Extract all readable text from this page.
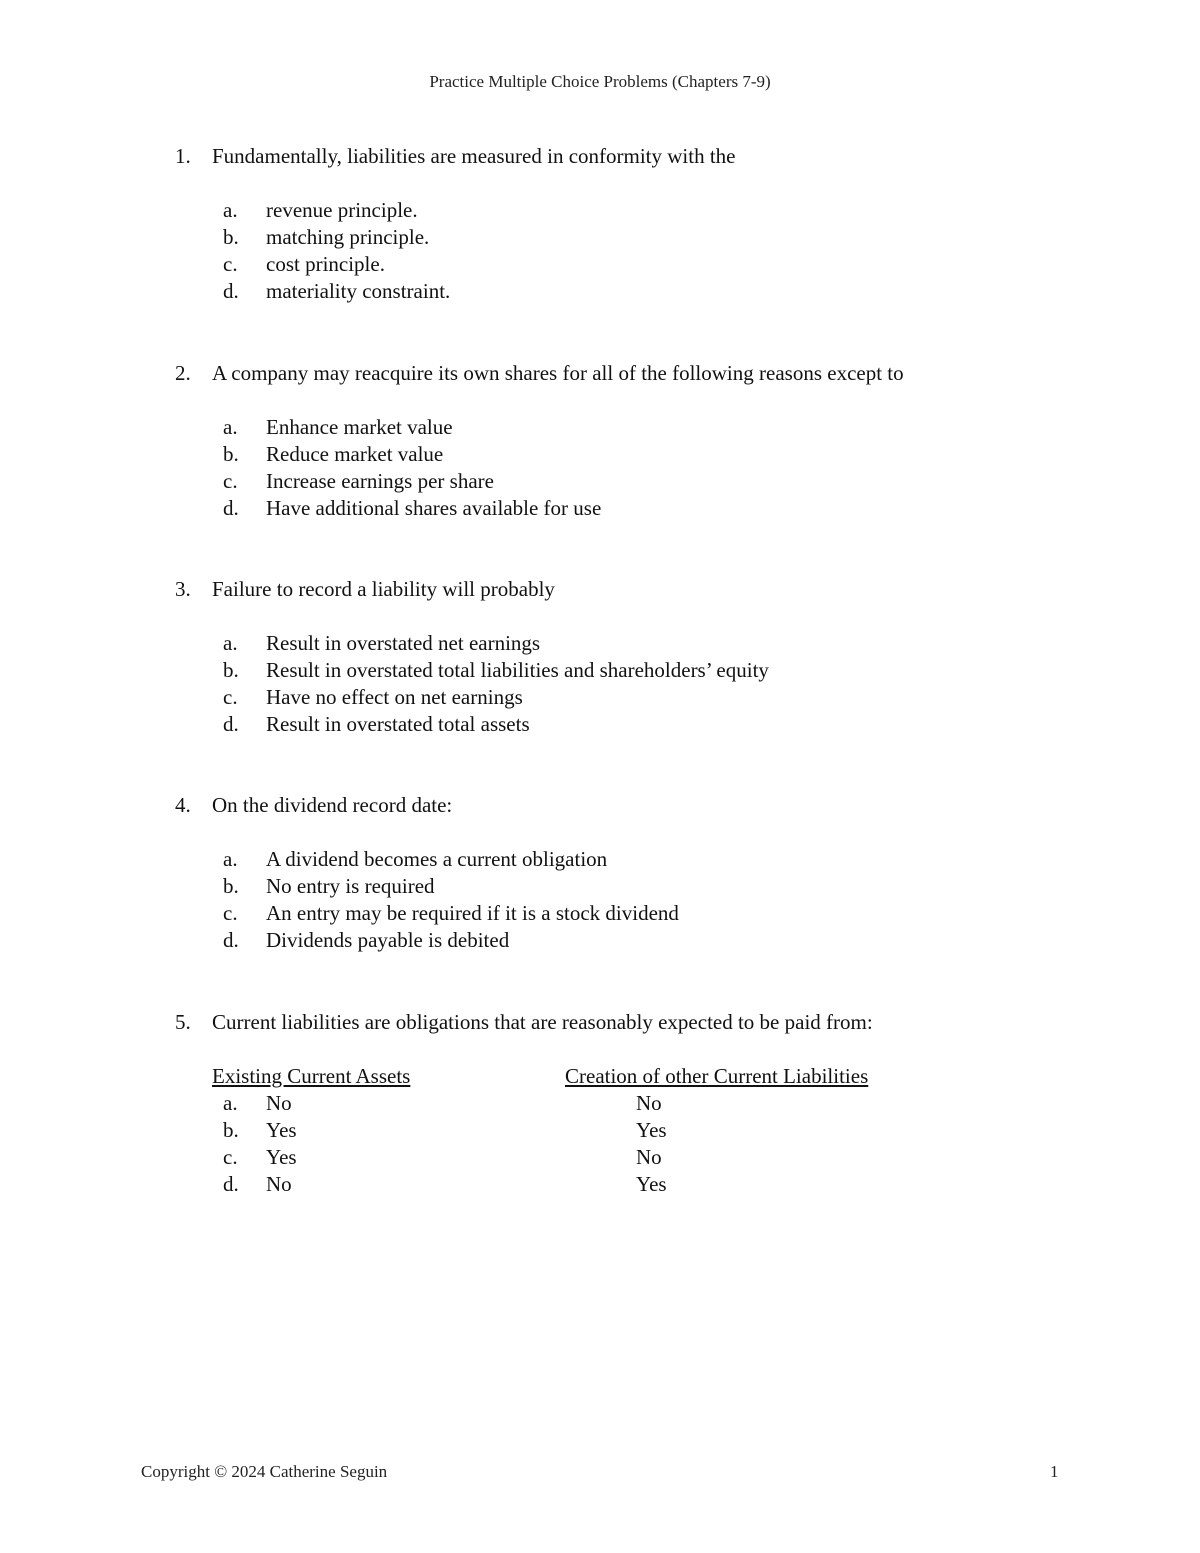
Practice Multiple Choice Problems (Chapters 7-9)
1. Fundamentally, liabilities are measured in conformity with the
a. revenue principle.
b. matching principle.
c. cost principle.
d. materiality constraint.
2. A company may reacquire its own shares for all of the following reasons except to
a. Enhance market value
b. Reduce market value
c. Increase earnings per share
d. Have additional shares available for use
3. Failure to record a liability will probably
a. Result in overstated net earnings
b. Result in overstated total liabilities and shareholders’ equity
c. Have no effect on net earnings
d. Result in overstated total assets
4. On the dividend record date:
a. A dividend becomes a current obligation
b. No entry is required
c. An entry may be required if it is a stock dividend
d. Dividends payable is debited
5. Current liabilities are obligations that are reasonably expected to be paid from:
Existing Current Assets	Creation of other Current Liabilities
a. No	No
b. Yes	Yes
c. Yes	No
d. No	Yes
Copyright © 2024 Catherine Seguin	1
